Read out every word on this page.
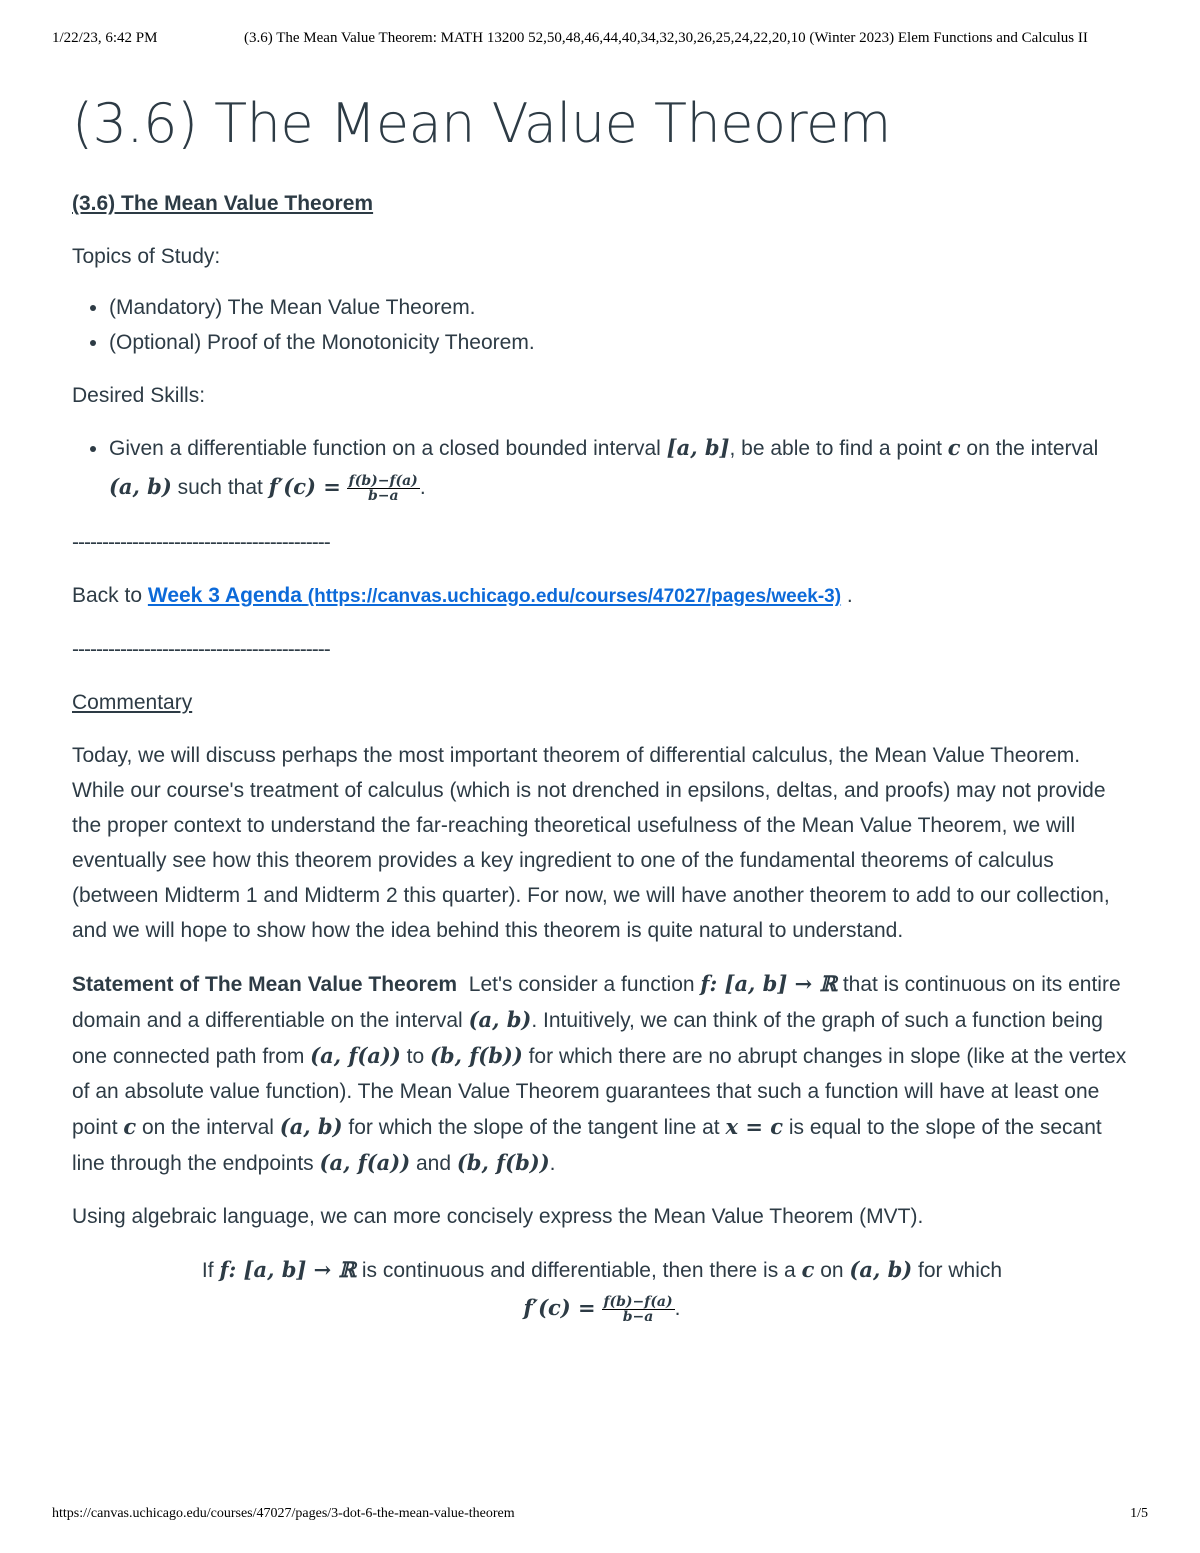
1/22/23, 6:42 PM	(3.6) The Mean Value Theorem: MATH 13200 52,50,48,46,44,40,34,32,30,26,25,24,22,20,10 (Winter 2023) Elem Functions and Calculus II
(3.6) The Mean Value Theorem

(3.6) The Mean Value Theorem

Topics of Study:

• (Mandatory) The Mean Value Theorem.
• (Optional) Proof of the Monotonicity Theorem.

Desired Skills:

• Given a differentiable function on a closed bounded interval [a, b], be able to find a point c on the interval (a, b) such that $f'(c) = \frac{f(b)-f(a)}{b-a}$ .

-------------------------------------------

Back to Week 3 Agenda (https://canvas.uchicago.edu/courses/47027/pages/week-3) .

-------------------------------------------

Commentary

Today, we will discuss perhaps the most important theorem of differential calculus, the Mean Value Theorem. While our course's treatment of calculus (which is not drenched in epsilons, deltas, and proofs) may not provide the proper context to understand the far-reaching theoretical usefulness of the Mean Value Theorem, we will eventually see how this theorem provides a key ingredient to one of the fundamental theorems of calculus (between Midterm 1 and Midterm 2 this quarter). For now, we will have another theorem to add to our collection, and we will hope to show how the idea behind this theorem is quite natural to understand.

Statement of The Mean Value Theorem  Let's consider a function f: [a, b] → ℝ that is continuous on its entire domain and a differentiable on the interval (a, b). Intuitively, we can think of the graph of such a function being one connected path from (a, f(a)) to (b, f(b)) for which there are no abrupt changes in slope (like at the vertex of an absolute value function). The Mean Value Theorem guarantees that such a function will have at least one point c on the interval (a, b) for which the slope of the tangent line at x = c is equal to the slope of the secant line through the endpoints (a, f(a)) and (b, f(b)).

Using algebraic language, we can more concisely express the Mean Value Theorem (MVT).

If f: [a, b] → ℝ is continuous and differentiable, then there is a c on (a, b) for which

$f'(c) = \frac{f(b)-f(a)}{b-a}$ .

https://canvas.uchicago.edu/courses/47027/pages/3-dot-6-the-mean-value-theorem	1/5
